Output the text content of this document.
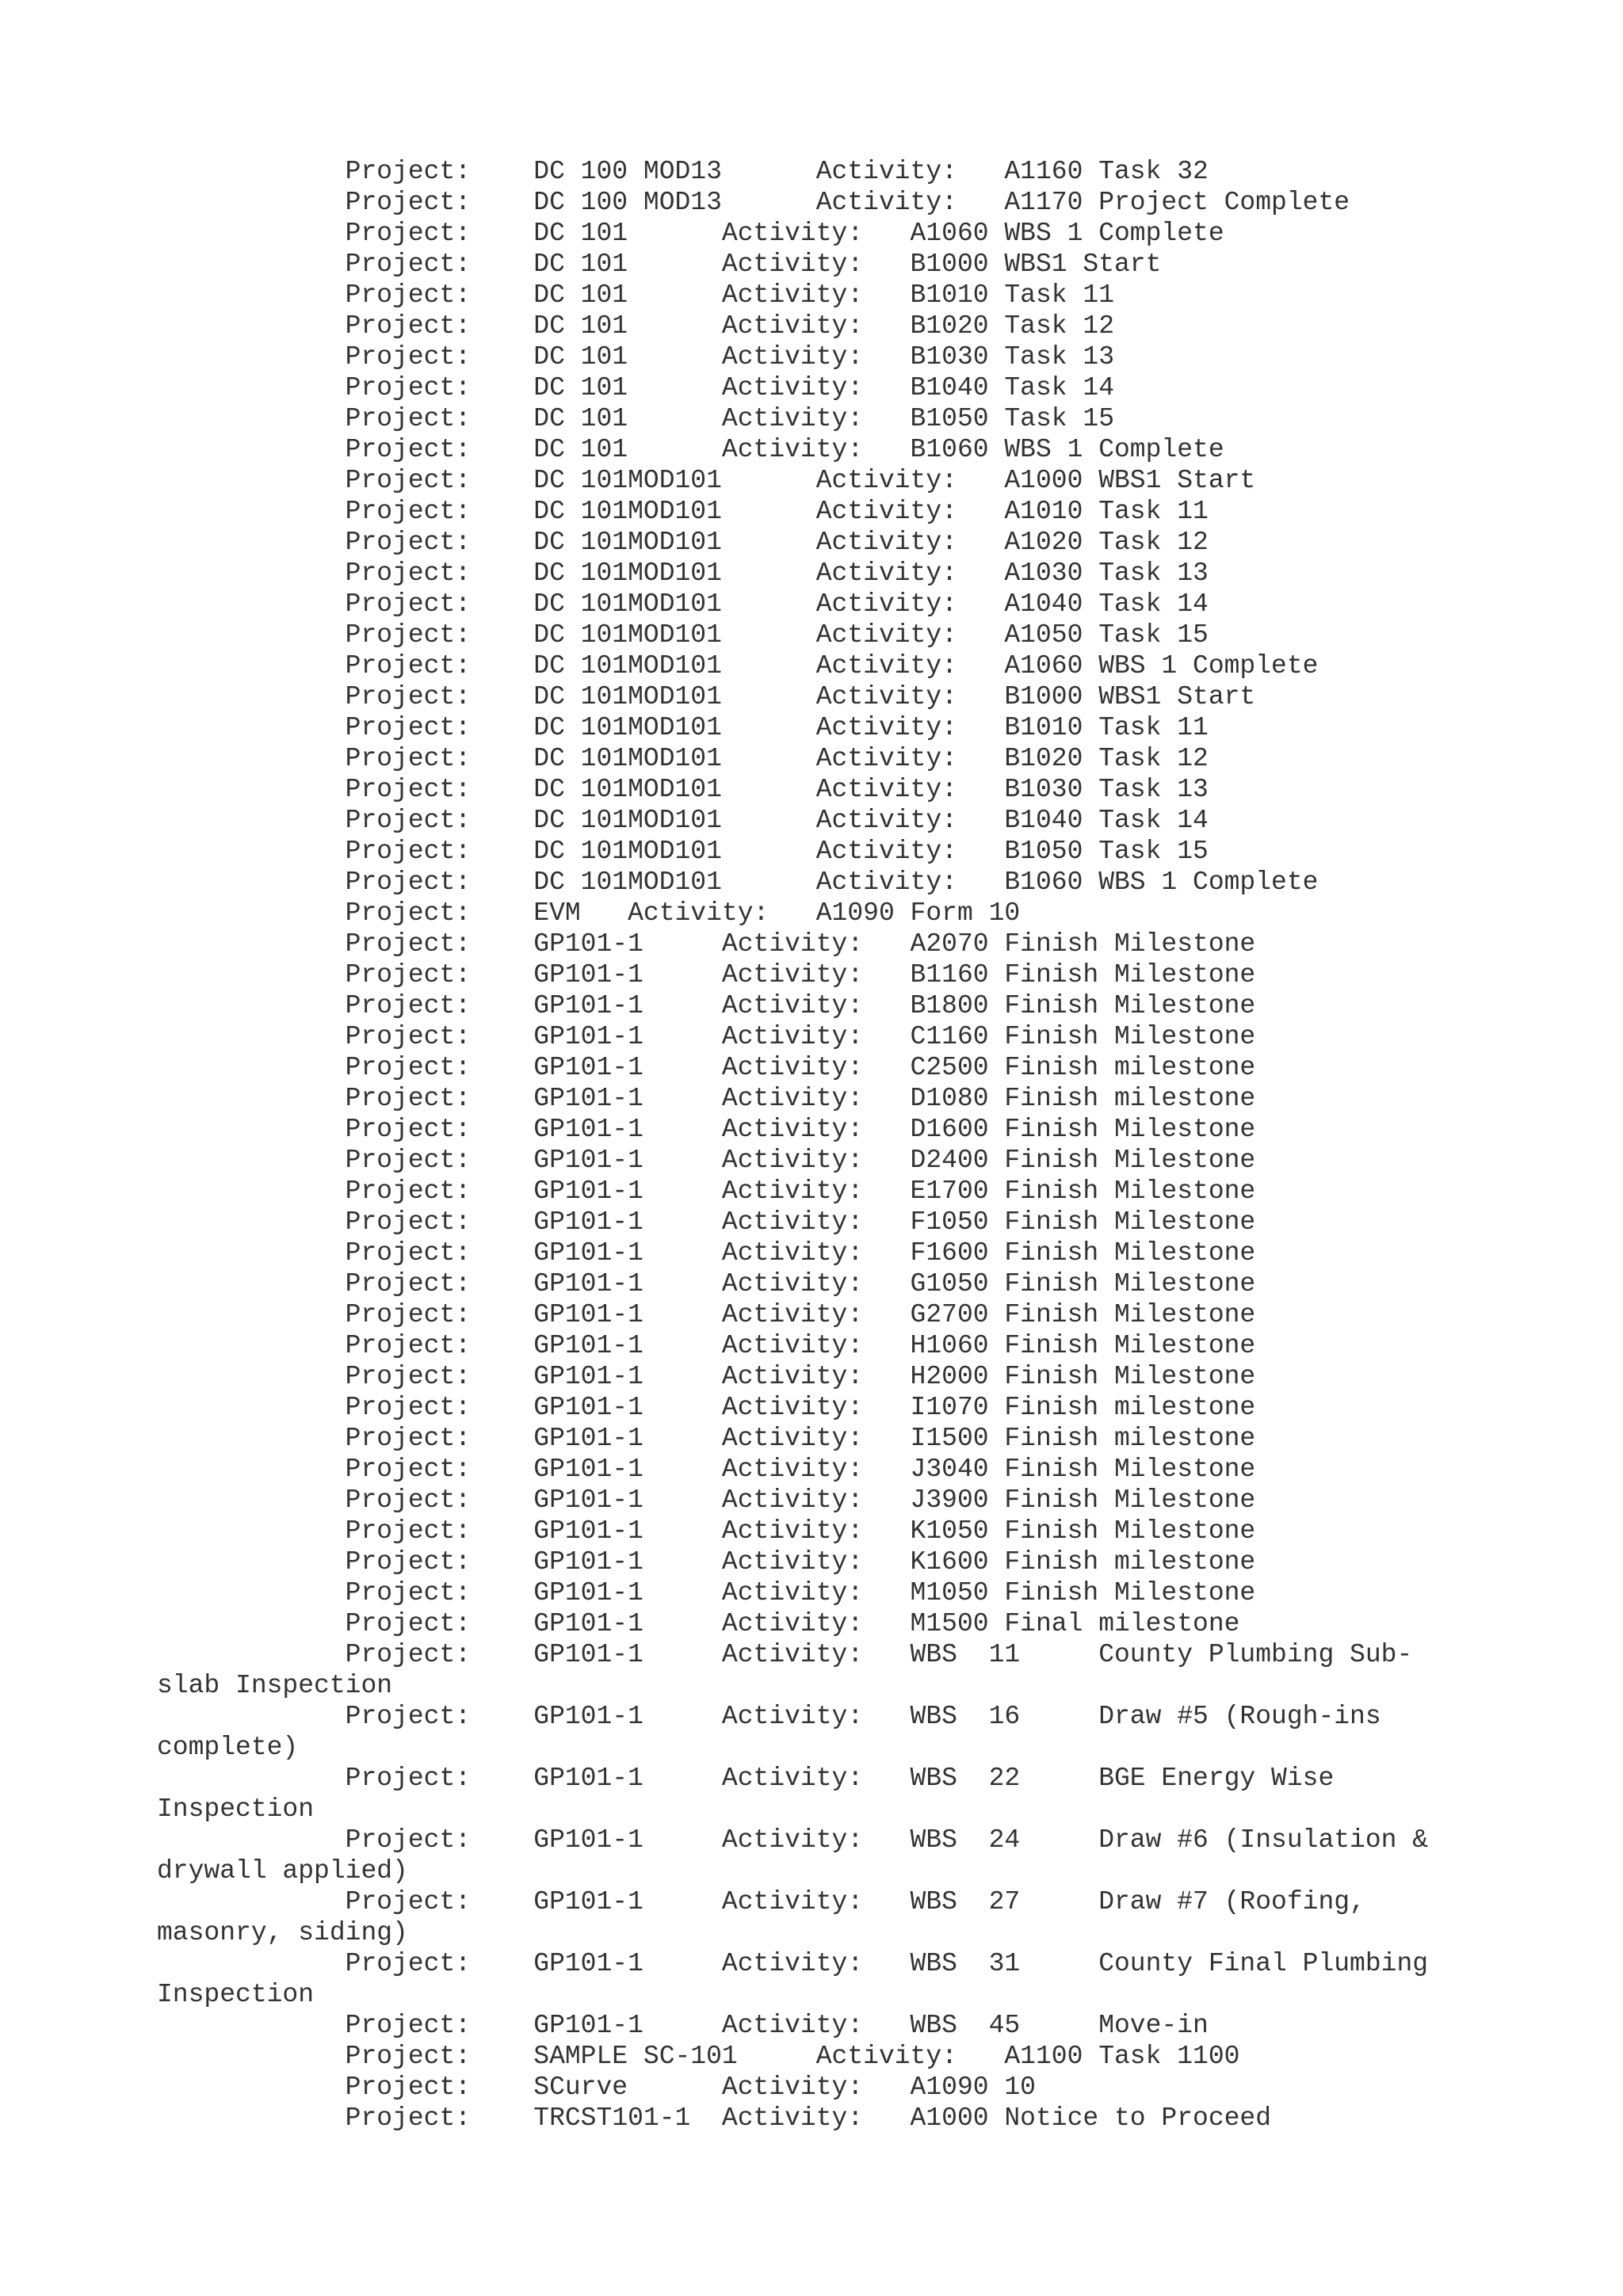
Project:    DC 100 MOD13      Activity:   A1160 Task 32
Project:    DC 100 MOD13      Activity:   A1170 Project Complete
Project:    DC 101      Activity:   A1060 WBS 1 Complete
Project:    DC 101      Activity:   B1000 WBS1 Start
Project:    DC 101      Activity:   B1010 Task 11
Project:    DC 101      Activity:   B1020 Task 12
Project:    DC 101      Activity:   B1030 Task 13
Project:    DC 101      Activity:   B1040 Task 14
Project:    DC 101      Activity:   B1050 Task 15
Project:    DC 101      Activity:   B1060 WBS 1 Complete
Project:    DC 101MOD101      Activity:   A1000 WBS1 Start
Project:    DC 101MOD101      Activity:   A1010 Task 11
Project:    DC 101MOD101      Activity:   A1020 Task 12
Project:    DC 101MOD101      Activity:   A1030 Task 13
Project:    DC 101MOD101      Activity:   A1040 Task 14
Project:    DC 101MOD101      Activity:   A1050 Task 15
Project:    DC 101MOD101      Activity:   A1060 WBS 1 Complete
Project:    DC 101MOD101      Activity:   B1000 WBS1 Start
Project:    DC 101MOD101      Activity:   B1010 Task 11
Project:    DC 101MOD101      Activity:   B1020 Task 12
Project:    DC 101MOD101      Activity:   B1030 Task 13
Project:    DC 101MOD101      Activity:   B1040 Task 14
Project:    DC 101MOD101      Activity:   B1050 Task 15
Project:    DC 101MOD101      Activity:   B1060 WBS 1 Complete
Project:    EVM   Activity:   A1090 Form 10
Project:    GP101-1     Activity:   A2070 Finish Milestone
Project:    GP101-1     Activity:   B1160 Finish Milestone
Project:    GP101-1     Activity:   B1800 Finish Milestone
Project:    GP101-1     Activity:   C1160 Finish Milestone
Project:    GP101-1     Activity:   C2500 Finish milestone
Project:    GP101-1     Activity:   D1080 Finish milestone
Project:    GP101-1     Activity:   D1600 Finish Milestone
Project:    GP101-1     Activity:   D2400 Finish Milestone
Project:    GP101-1     Activity:   E1700 Finish Milestone
Project:    GP101-1     Activity:   F1050 Finish Milestone
Project:    GP101-1     Activity:   F1600 Finish Milestone
Project:    GP101-1     Activity:   G1050 Finish Milestone
Project:    GP101-1     Activity:   G2700 Finish Milestone
Project:    GP101-1     Activity:   H1060 Finish Milestone
Project:    GP101-1     Activity:   H2000 Finish Milestone
Project:    GP101-1     Activity:   I1070 Finish milestone
Project:    GP101-1     Activity:   I1500 Finish milestone
Project:    GP101-1     Activity:   J3040 Finish Milestone
Project:    GP101-1     Activity:   J3900 Finish Milestone
Project:    GP101-1     Activity:   K1050 Finish Milestone
Project:    GP101-1     Activity:   K1600 Finish milestone
Project:    GP101-1     Activity:   M1050 Finish Milestone
Project:    GP101-1     Activity:   M1500 Final milestone
Project:    GP101-1     Activity:   WBS  11     County Plumbing Sub-
slab Inspection
Project:    GP101-1     Activity:   WBS  16     Draw #5 (Rough-ins
complete)
Project:    GP101-1     Activity:   WBS  22     BGE Energy Wise
Inspection
Project:    GP101-1     Activity:   WBS  24     Draw #6 (Insulation &
drywall applied)
Project:    GP101-1     Activity:   WBS  27     Draw #7 (Roofing,
masonry, siding)
Project:    GP101-1     Activity:   WBS  31     County Final Plumbing
Inspection
Project:    GP101-1     Activity:   WBS  45     Move-in
Project:    SAMPLE SC-101     Activity:   A1100 Task 1100
Project:    SCurve      Activity:   A1090 10
Project:    TRCST101-1  Activity:   A1000 Notice to Proceed
